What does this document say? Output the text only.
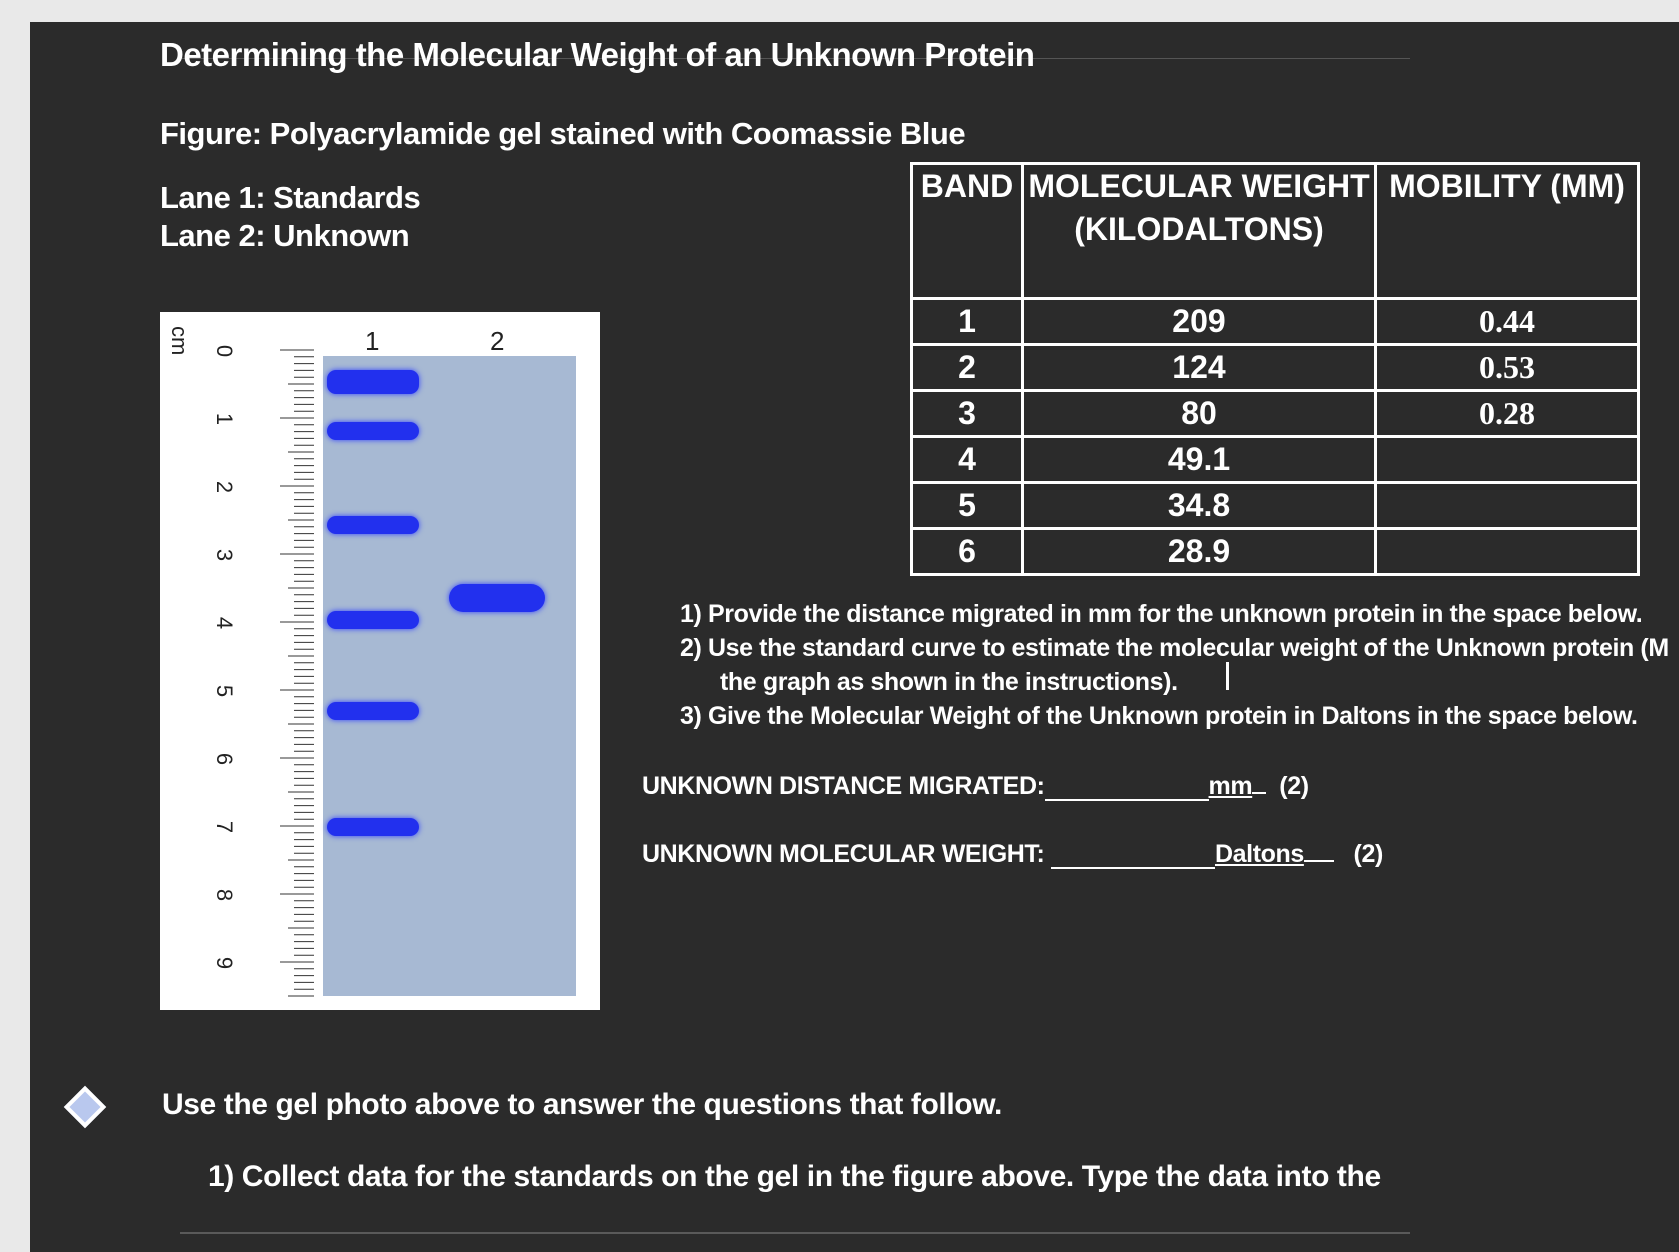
Determining the Molecular Weight of an Unknown Protein
Figure: Polyacrylamide gel stained with Coomassie Blue
Lane 1: Standards
Lane 2: Unknown
cm 0
1
2
3
4
5
6
7
8
9
1	2
BAND	MOLECULAR WEIGHT (KILODALTONS)	MOBILITY (MM)
1	209	0.44
2	124	0.53
3	80	0.28
4	49.1	
5	34.8	
6	28.9	
1) Provide the distance migrated in mm for the unknown protein in the space below.
2) Use the standard curve to estimate the molecular weight of the Unknown protein (M
the graph as shown in the instructions).
3) Give the Molecular Weight of the Unknown protein in Daltons in the space below.
UNKNOWN DISTANCE MIGRATED:	mm (2)
UNKNOWN MOLECULAR WEIGHT:	Daltons (2)
Use the gel photo above to answer the questions that follow.
1) Collect data for the standards on the gel in the figure above. Type the data into the
